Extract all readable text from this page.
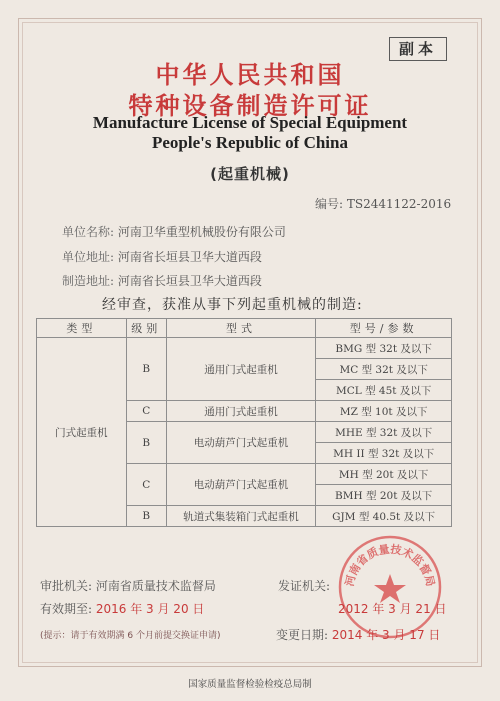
副本
中华人民共和国
特种设备制造许可证
Manufacture License of Special Equipment
People's Republic of China
(起重机械)
编号: TS2441122-2016
单位名称: 河南卫华重型机械股份有限公司
单位地址: 河南省长垣县卫华大道西段
制造地址: 河南省长垣县卫华大道西段
经审查，获准从事下列起重机械的制造:
类型	级别	型式	型号/参数
门式起重机	B	通用门式起重机	BMG 型 32t 及以下
			MC 型 32t 及以下
			MCL 型 45t 及以下
	C	通用门式起重机	MZ 型 10t 及以下
	B	电动葫芦门式起重机	MHE 型 32t 及以下
			MH II 型 32t 及以下
	C	电动葫芦门式起重机	MH 型 20t 及以下
			BMH 型 20t 及以下
	B	轨道式集装箱门式起重机	GJM 型 40.5t 及以下
河南省质量技术监督局
审批机关: 河南省质量技术监督局	发证机关:
有效期至: 2016 年 3 月 20 日	2012 年 3 月 21 日
(提示：请于有效期满 6 个月前提交换证申请)	变更日期: 2014 年 3 月 17 日
国家质量监督检验检疫总局制
